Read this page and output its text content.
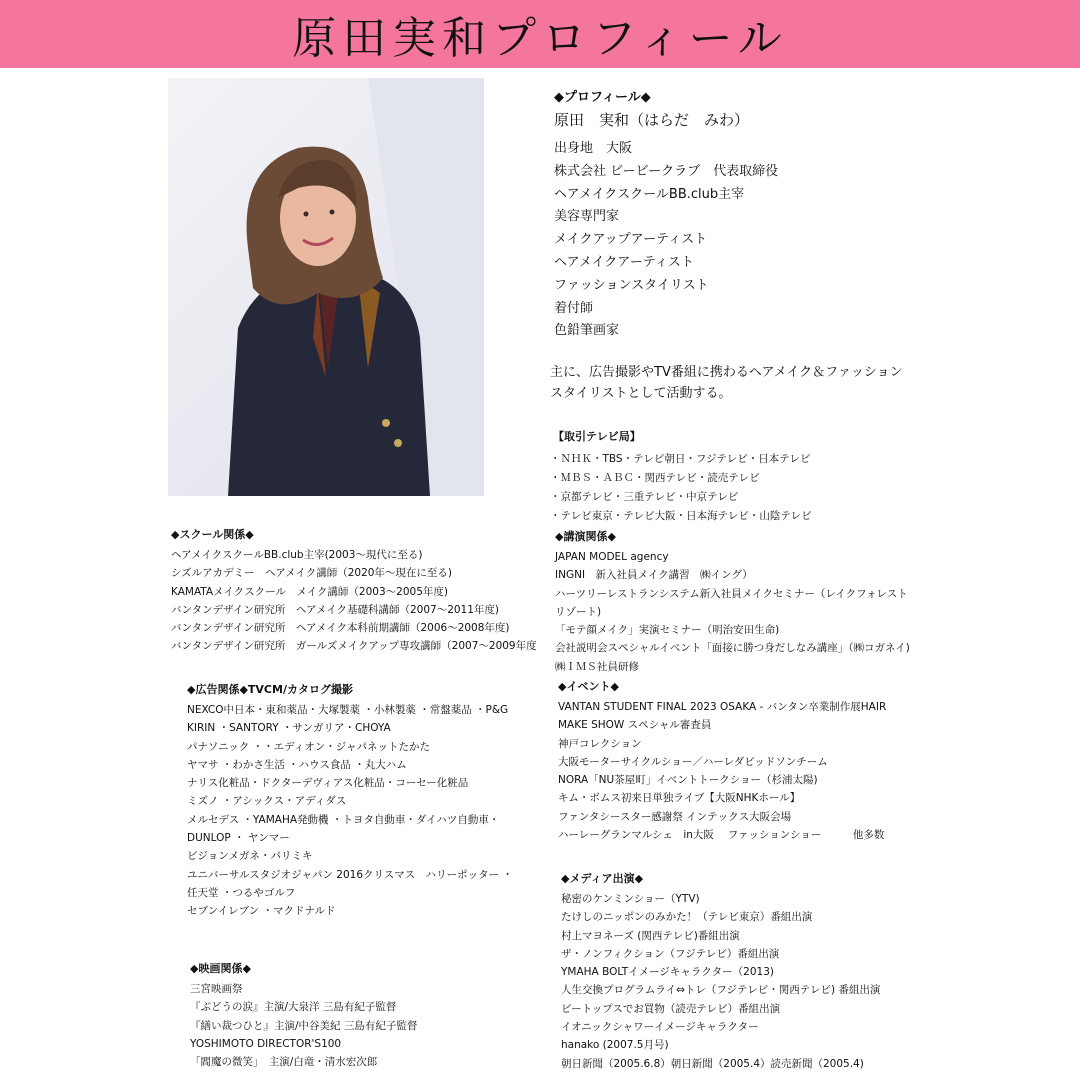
原田実和プロフィール
◆プロフィール◆
原田　実和（はらだ　みわ）
出身地　大阪
株式会社 ビービークラブ　代表取締役
ヘアメイクスクールBB.club主宰
美容専門家
メイクアップアーティスト
ヘアメイクアーティスト
ファッションスタイリスト
着付師
色鉛筆画家
主に、広告撮影やTV番組に携わるヘアメイク＆ファッション
スタイリストとして活動する。
【取引テレビ局】
・ＮＨＫ・TBS・テレビ朝日・フジテレビ・日本テレビ
・ＭＢＳ・ＡＢＣ・関西テレビ・読売テレビ
・京都テレビ・三重テレビ・中京テレビ
・テレビ東京・テレビ大阪・日本海テレビ・山陰テレビ
◆スクール関係◆
ヘアメイクスクールBB.club主宰(2003～現代に至る)
シズルアカデミー　ヘアメイク講師（2020年～現在に至る)
KAMATAメイクスクール　メイク講師（2003～2005年度)
バンタンデザイン研究所　ヘアメイク基礎科講師（2007～2011年度)
バンタンデザイン研究所　ヘアメイク本科前期講師（2006～2008年度)
バンタンデザイン研究所　ガールズメイクアップ専攻講師（2007～2009年度
◆広告関係◆TVCM/カタログ撮影
NEXCO中日本・東和薬品・大塚製薬 ・小林製薬 ・常盤薬品 ・P&G
KIRIN ・SANTORY ・サンガリア・CHOYA
パナソニック ・・エディオン・ジャパネットたかた
ヤマサ ・わかさ生活 ・ハウス食品 ・丸大ハム
ナリス化粧品・ドクターデヴィアス化粧品・コーセー化粧品
ミズノ ・アシックス・アディダス
メルセデス ・YAMAHA発動機 ・トヨタ自動車・ダイハツ自動車・
DUNLOP ・ ヤンマー
ビジョンメガネ・パリミキ
ユニバーサルスタジオジャパン 2016クリスマス　ハリーポッター ・
任天堂 ・つるやゴルフ
セブンイレブン ・マクドナルド
◆映画関係◆
三宮映画祭
『ぶどうの涙』主演/大泉洋 三島有紀子監督
『繕い裁つひと』主演/中谷美紀 三島有紀子監督
YOSHIMOTO DIRECTOR'S100
「閻魔の微笑」　主演/白竜・清水宏次郎
◆講演関係◆
JAPAN MODEL agency
INGNI　新入社員メイク講習　㈱イング）
ハーツリーレストランシステム新入社員メイクセミナー（レイクフォレストリゾート)
「モテ顔メイク」実演セミナー（明治安田生命)
会社説明会スペシャルイベント「面接に勝つ身だしなみ講座」（㈱コガネイ)
㈱ＩＭＳ社員研修
◆イベント◆
VANTAN STUDENT FINAL 2023 OSAKA - バンタン卒業制作展HAIR
MAKE SHOW スペシャル審査員
神戸コレクション
大阪モーターサイクルショー／ハーレダビッドソンチーム
NORA「NU茶屋町」イベントトークショー（杉浦太陽)
キム・ボムス初来日単独ライブ【大阪NHKホール】
ファンタシースター感謝祭 インテックス大阪会場
ハーレーグランマルシェ　in大阪　 ファッションショー　　　他多数
◆メディア出演◆
秘密のケンミンショー（YTV)
たけしのニッポンのみかた！（テレビ東京）番組出演
村上マヨネーズ (関西テレビ)番組出演
ザ・ノンフィクション（フジテレビ）番組出演
YMAHA BOLTイメージキャラクター（2013)
人生交換プログラムライ⇔トレ（フジテレビ・関西テレビ) 番組出演
ビートップスでお買物（読売テレビ）番組出演
イオニックシャワーイメージキャラクター
hanako (2007.5月号)
朝日新聞（2005.6.8）朝日新聞（2005.4）読売新聞（2005.4)
